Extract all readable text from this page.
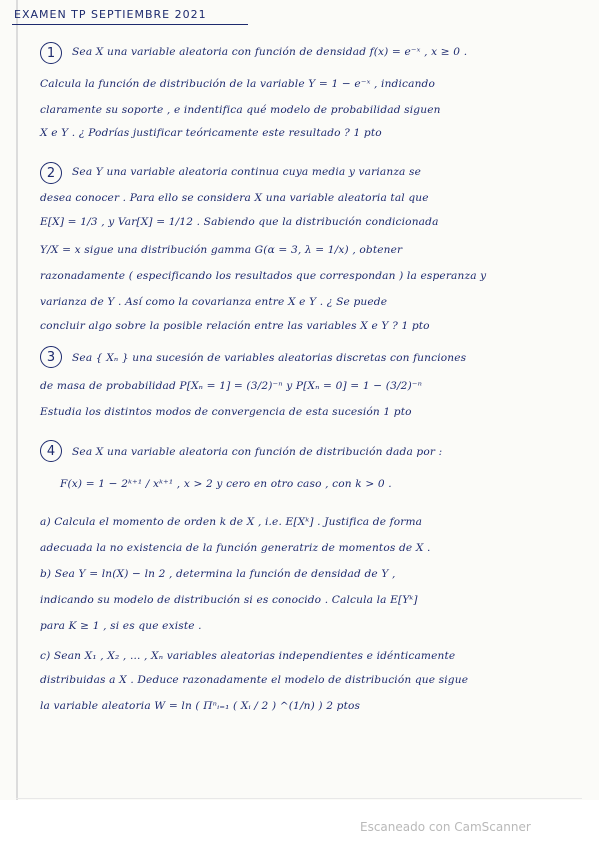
EXAMEN TP SEPTIEMBRE 2021
1	Sea X una variable aleatoria con función de densidad f(x) = e⁻ˣ , x ≥ 0 .
Calcula la función de distribución de la variable Y = 1 − e⁻ˣ , indicando
claramente su soporte , e indentifica qué modelo de probabilidad siguen
X e Y . ¿ Podrías justificar teóricamente este resultado ? 1 pto
2	Sea Y una variable aleatoria continua cuya media y varianza se
desea conocer . Para ello se considera X una variable aleatoria tal que
E[X] = 1/3 , y Var[X] = 1/12 . Sabiendo que la distribución condicionada
Y/X = x sigue una distribución gamma G(α = 3, λ = 1/x) , obtener
razonadamente ( especificando los resultados que correspondan ) la esperanza y
varianza de Y . Así como la covarianza entre X e Y . ¿ Se puede
concluir algo sobre la posible relación entre las variables X e Y ? 1 pto
3	Sea { Xₙ } una sucesión de variables aleatorias discretas con funciones
de masa de probabilidad P[Xₙ = 1] = (3/2)⁻ⁿ y P[Xₙ = 0] = 1 − (3/2)⁻ⁿ
Estudia los distintos modos de convergencia de esta sucesión 1 pto
4	Sea X una variable aleatoria con función de distribución dada por :
F(x) = 1 − 2ᵏ⁺¹ / xᵏ⁺¹ , x > 2 y cero en otro caso , con k > 0 .
a) Calcula el momento de orden k de X , i.e. E[Xᵏ] . Justifica de forma
adecuada la no existencia de la función generatriz de momentos de X .
b) Sea Y = ln(X) − ln 2 , determina la función de densidad de Y ,
indicando su modelo de distribución si es conocido . Calcula la E[Yᵏ]
para K ≥ 1 , si es que existe .
c) Sean X₁ , X₂ , ... , Xₙ variables aleatorias independientes e idénticamente
distribuidas a X . Deduce razonadamente el modelo de distribución que sigue
la variable aleatoria W = ln ( Πⁿᵢ₌₁ ( Xᵢ / 2 ) ^(1/n) ) 2 ptos
Escaneado con CamScanner
